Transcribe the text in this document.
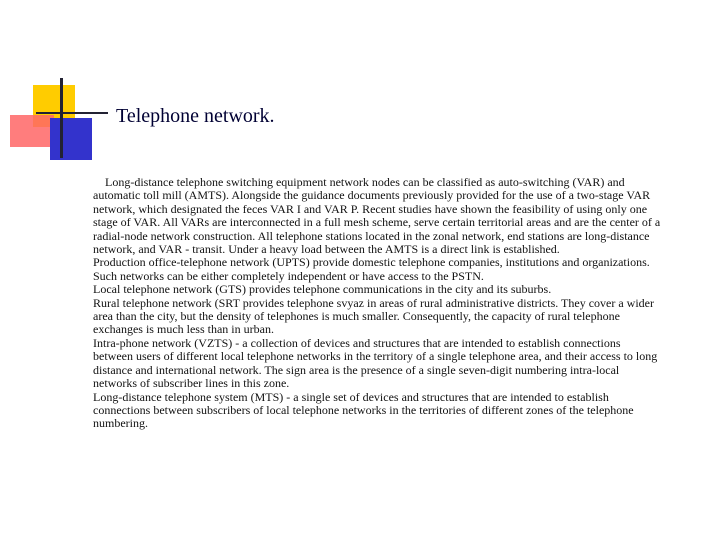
Telephone network.

Long-distance telephone switching equipment network nodes can be classified as auto-switching (VAR) and automatic toll mill (AMTS). Alongside the guidance documents previously provided for the use of a two-stage VAR network, which designated the feces VAR I and VAR P. Recent studies have shown the feasibility of using only one stage of VAR. All VARs are interconnected in a full mesh scheme, serve certain territorial areas and are the center of a radial-node network construction. All telephone stations located in the zonal network, end stations are long-distance network, and VAR - transit. Under a heavy load between the AMTS is a direct link is established.

Production office-telephone network (UPTS) provide domestic telephone companies, institutions and organizations. Such networks can be either completely independent or have access to the PSTN.

Local telephone network (GTS) provides telephone communications in the city and its suburbs.

Rural telephone network (SRT provides telephone svyaz in areas of rural administrative districts. They cover a wider area than the city, but the density of telephones is much smaller. Consequently, the capacity of rural telephone exchanges is much less than in urban.

Intra-phone network (VZTS) - a collection of devices and structures that are intended to establish connections between users of different local telephone networks in the territory of a single telephone area, and their access to long distance and international network. The sign area is the presence of a single seven-digit numbering intra-local networks of subscriber lines in this zone.

Long-distance telephone system (MTS) - a single set of devices and structures that are intended to establish connections between subscribers of local telephone networks in the territories of different zones of the telephone numbering.
